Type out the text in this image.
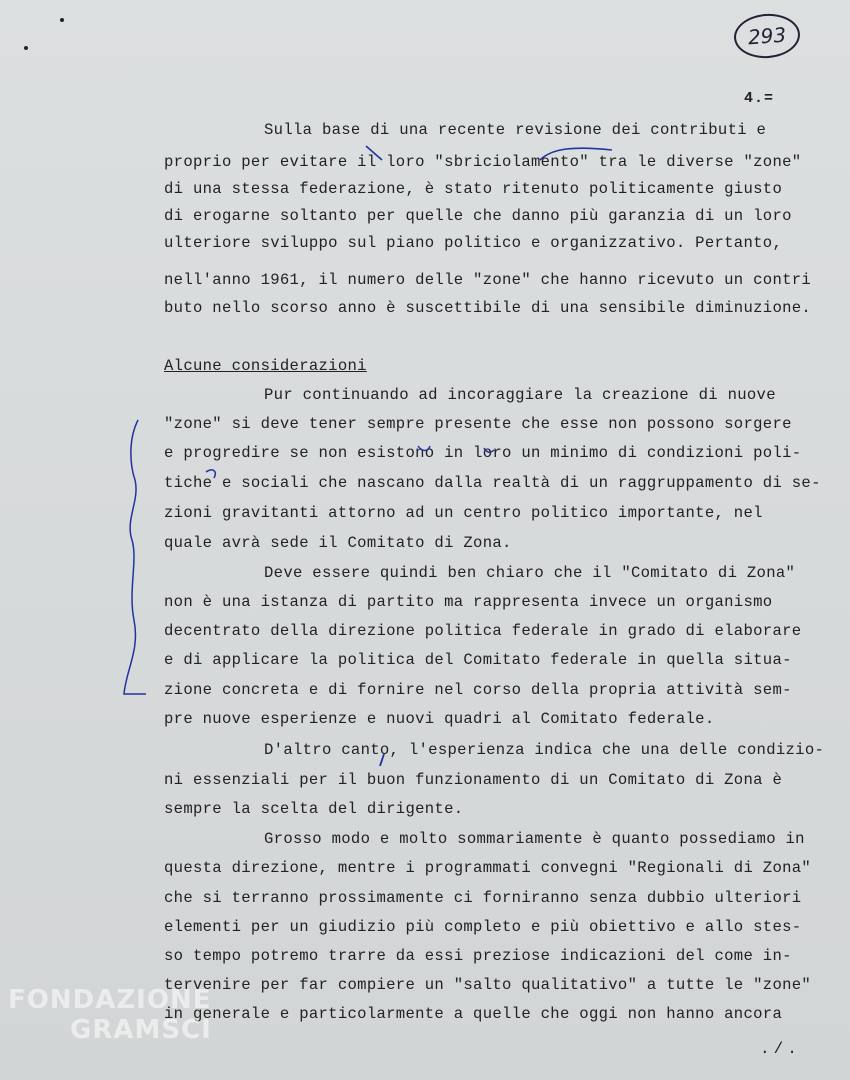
293
4.=
Sulla base di una recente revisione dei contributi e
proprio per evitare il loro "sbriciolamento" tra le diverse "zone"
di una stessa federazione, è stato ritenuto politicamente giusto
di erogarne soltanto per quelle che danno più garanzia di un loro
ulteriore sviluppo sul piano politico e organizzativo. Pertanto,
nell'anno 1961, il numero delle "zone" che hanno ricevuto un contri
buto nello scorso anno è suscettibile di una sensibile diminuzione.
Alcune considerazioni
Pur continuando ad incoraggiare la creazione di nuove
"zone" si deve tener sempre presente che esse non possono sorgere
e progredire se non esistono in loro un minimo di condizioni poli-
tiche e sociali che nascano dalla realtà di un raggruppamento di se-
zioni gravitanti attorno ad un centro politico importante, nel
quale avrà sede il Comitato di Zona.
Deve essere quindi ben chiaro che il "Comitato di Zona"
non è una istanza di partito ma rappresenta invece un organismo
decentrato della direzione politica federale in grado di elaborare
e di applicare la politica del Comitato federale in quella situa-
zione concreta e di fornire nel corso della propria attività sem-
pre nuove esperienze e nuovi quadri al Comitato federale.
D'altro canto, l'esperienza indica che una delle condizio-
ni essenziali per il buon funzionamento di un Comitato di Zona è
sempre la scelta del dirigente.
Grosso modo e molto sommariamente è quanto possediamo in
questa direzione, mentre i programmati convegni "Regionali di Zona"
che si terranno prossimamente ci forniranno senza dubbio ulteriori
elementi per un giudizio più completo e più obiettivo e allo stes-
so tempo potremo trarre da essi preziose indicazioni del come in-
tervenire per far compiere un "salto qualitativo" a tutte le "zone"
in generale e particolarmente a quelle che oggi non hanno ancora
FONDAZIONE
GRAMSCI
./.
